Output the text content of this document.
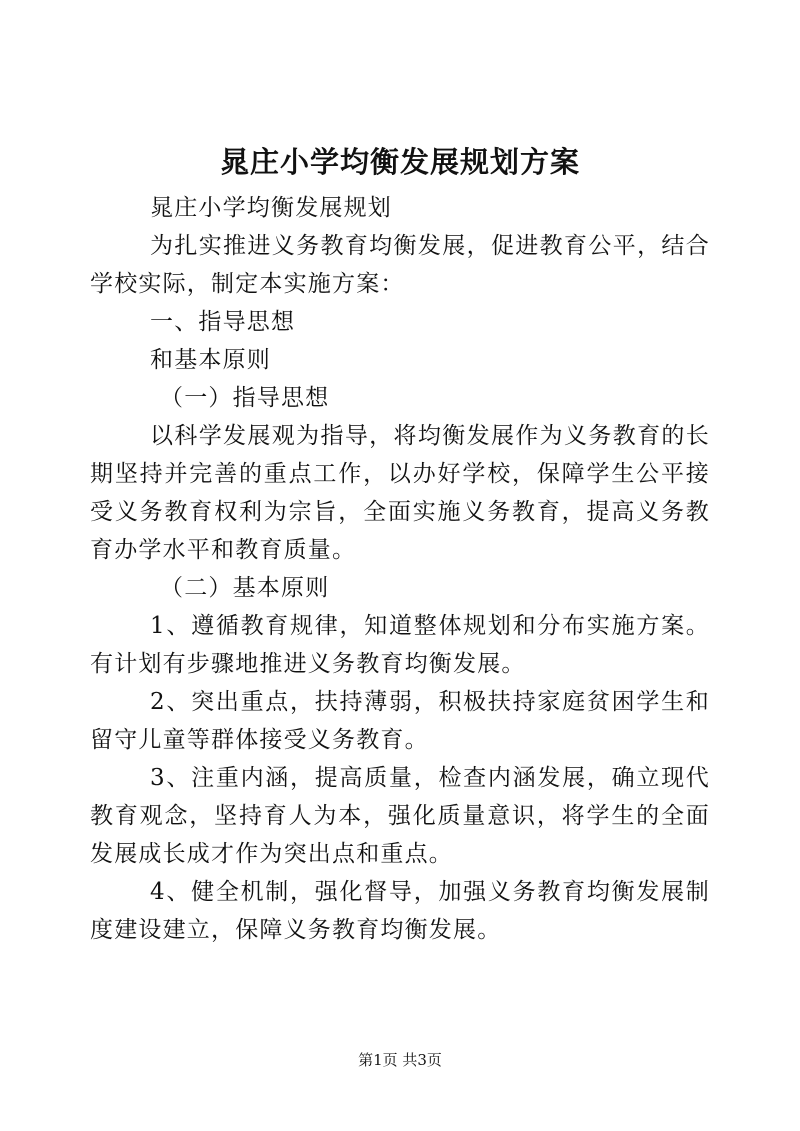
晁庄小学均衡发展规划方案

晁庄小学均衡发展规划

为扎实推进义务教育均衡发展，促进教育公平，结合学校实际，制定本实施方案：

一、指导思想

和基本原则

（一）指导思想

以科学发展观为指导，将均衡发展作为义务教育的长期坚持并完善的重点工作，以办好学校，保障学生公平接受义务教育权利为宗旨，全面实施义务教育，提高义务教育办学水平和教育质量。

（二）基本原则

1、遵循教育规律，知道整体规划和分布实施方案。有计划有步骤地推进义务教育均衡发展。

2、突出重点，扶持薄弱，积极扶持家庭贫困学生和留守儿童等群体接受义务教育。

3、注重内涵，提高质量，检查内涵发展，确立现代教育观念，坚持育人为本，强化质量意识，将学生的全面发展成长成才作为突出点和重点。

4、健全机制，强化督导，加强义务教育均衡发展制度建设建立，保障义务教育均衡发展。

第1页 共3页
